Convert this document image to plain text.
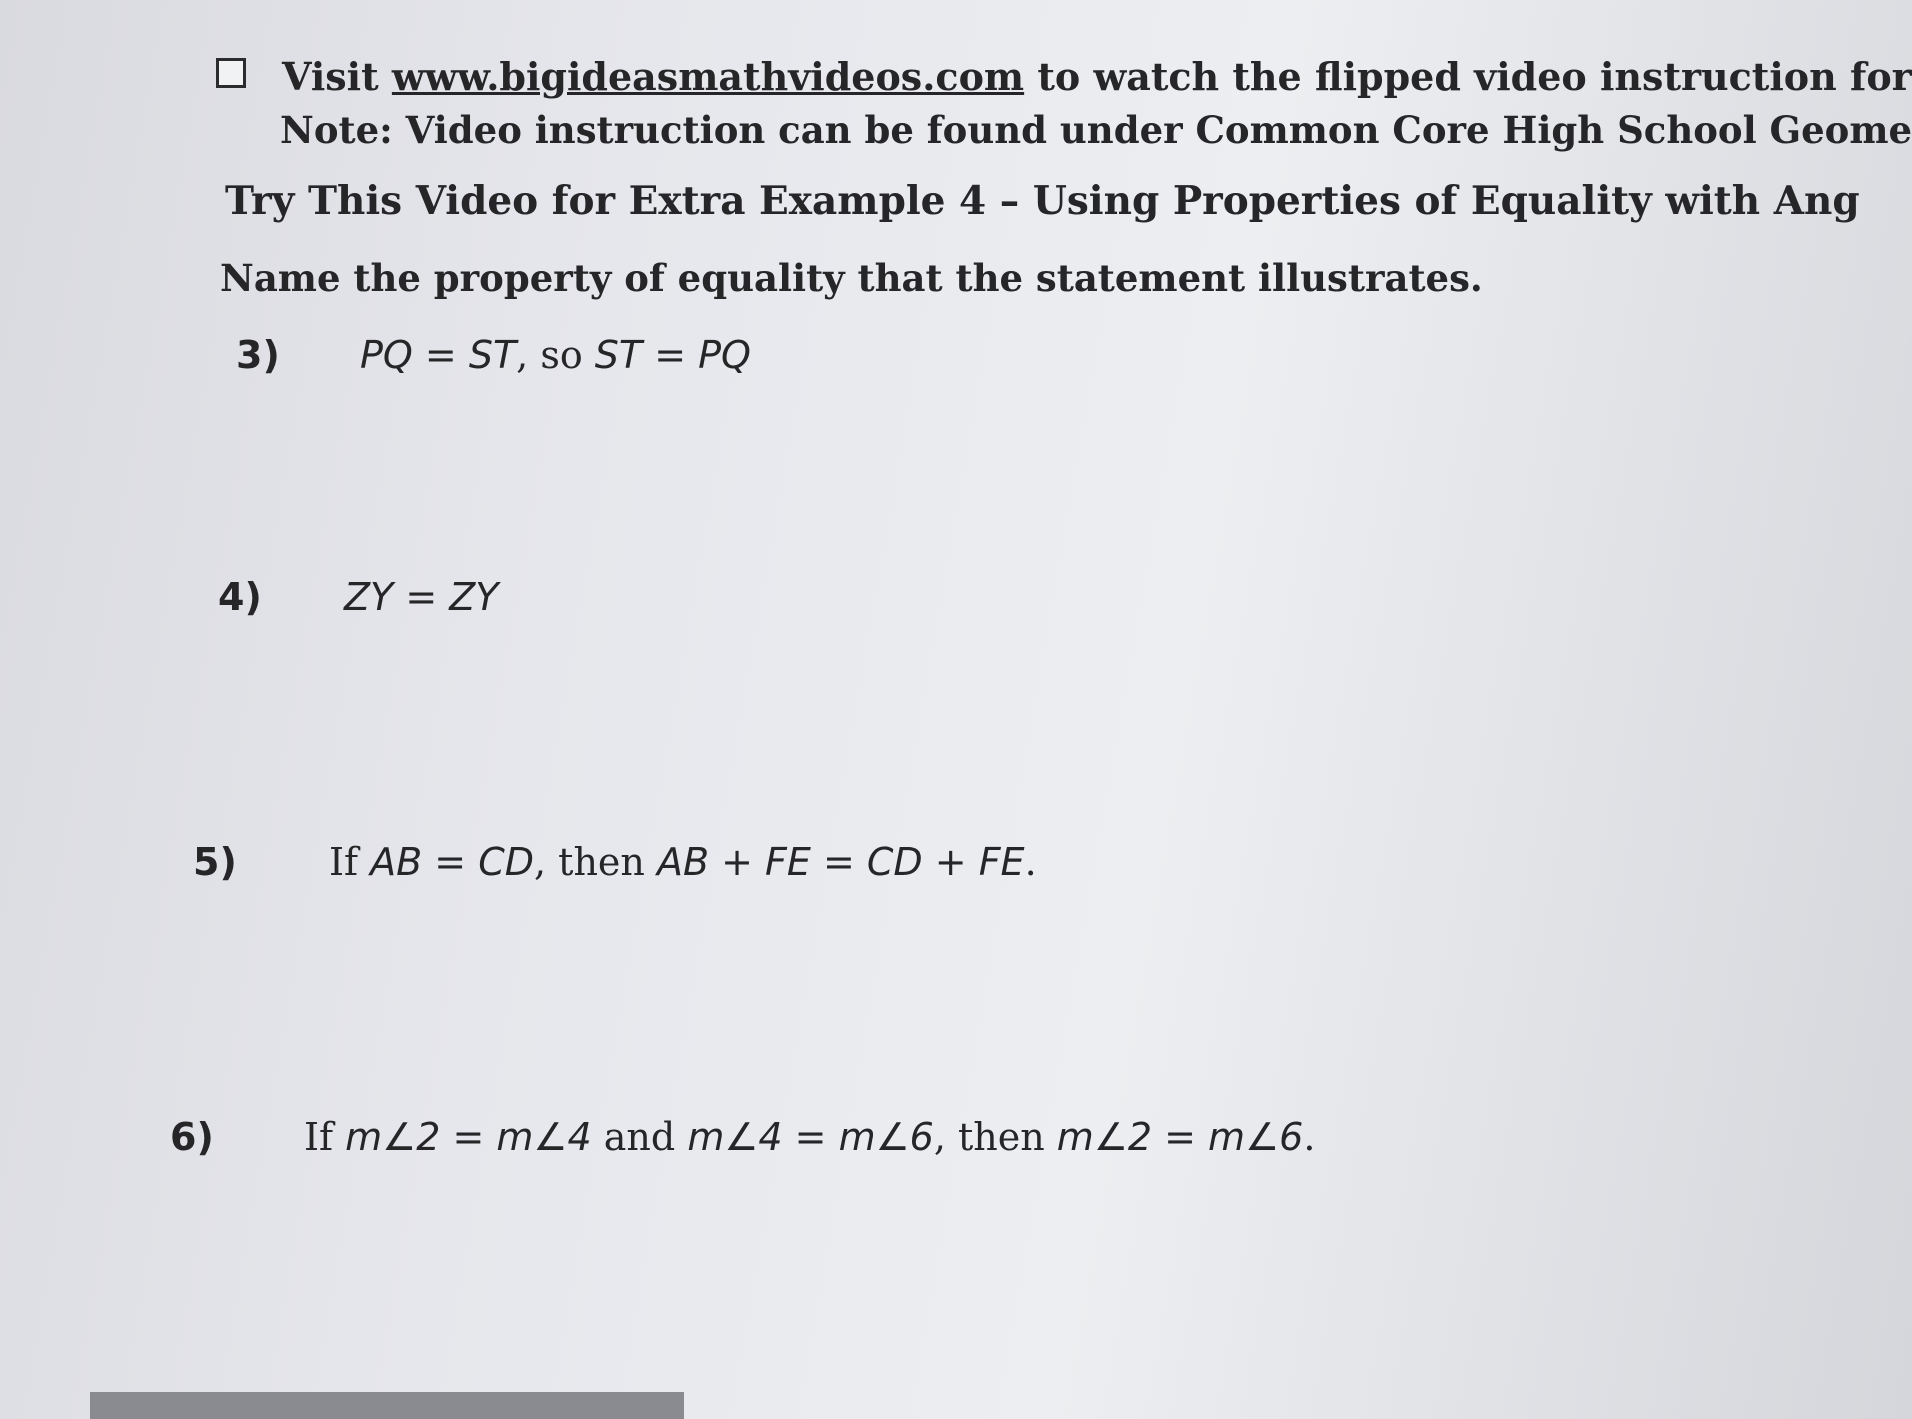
Visit www.bigideasmathvideos.com to watch the flipped video instruction for
Note: Video instruction can be found under Common Core High School Geome
Try This Video for Extra Example 4 – Using Properties of Equality with Ang
Name the property of equality that the statement illustrates.
3) PQ = ST, so ST = PQ
4) ZY = ZY
5) If AB = CD, then AB + FE = CD + FE.
6) If m∠2 = m∠4 and m∠4 = m∠6, then m∠2 = m∠6.
